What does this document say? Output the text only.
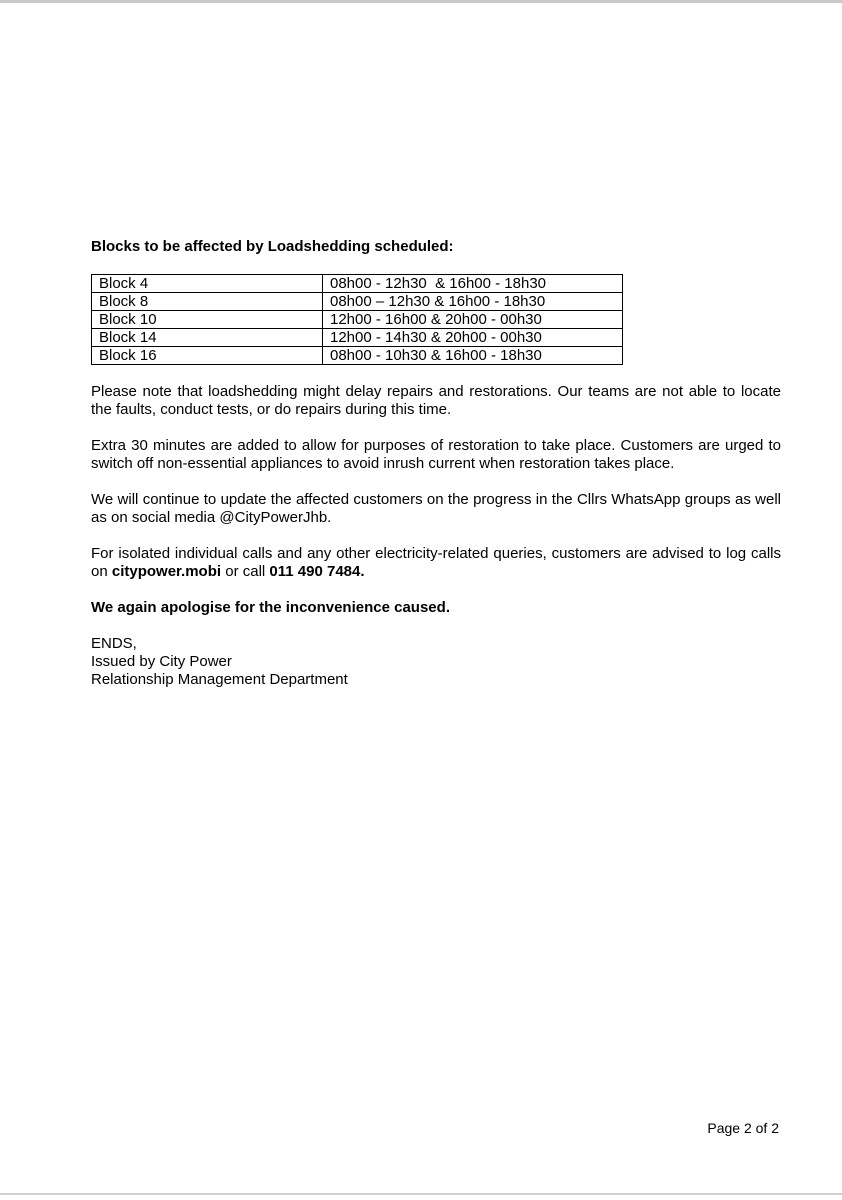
Blocks to be affected by Loadshedding scheduled:
Block 4	08h00 - 12h30  & 16h00 - 18h30
Block 8	08h00 – 12h30 & 16h00 - 18h30
Block 10	12h00 - 16h00 & 20h00 - 00h30
Block 14	12h00 - 14h30 & 20h00 - 00h30
Block 16	08h00 - 10h30 & 16h00 - 18h30

Please note that loadshedding might delay repairs and restorations. Our teams are not able to locate the faults, conduct tests, or do repairs during this time.

Extra 30 minutes are added to allow for purposes of restoration to take place. Customers are urged to switch off non-essential appliances to avoid inrush current when restoration takes place.

We will continue to update the affected customers on the progress in the Cllrs WhatsApp groups as well as on social media @CityPowerJhb.

For isolated individual calls and any other electricity-related queries, customers are advised to log calls on citypower.mobi or call 011 490 7484.

We again apologise for the inconvenience caused.

ENDS,
Issued by City Power
Relationship Management Department
Page 2 of 2
